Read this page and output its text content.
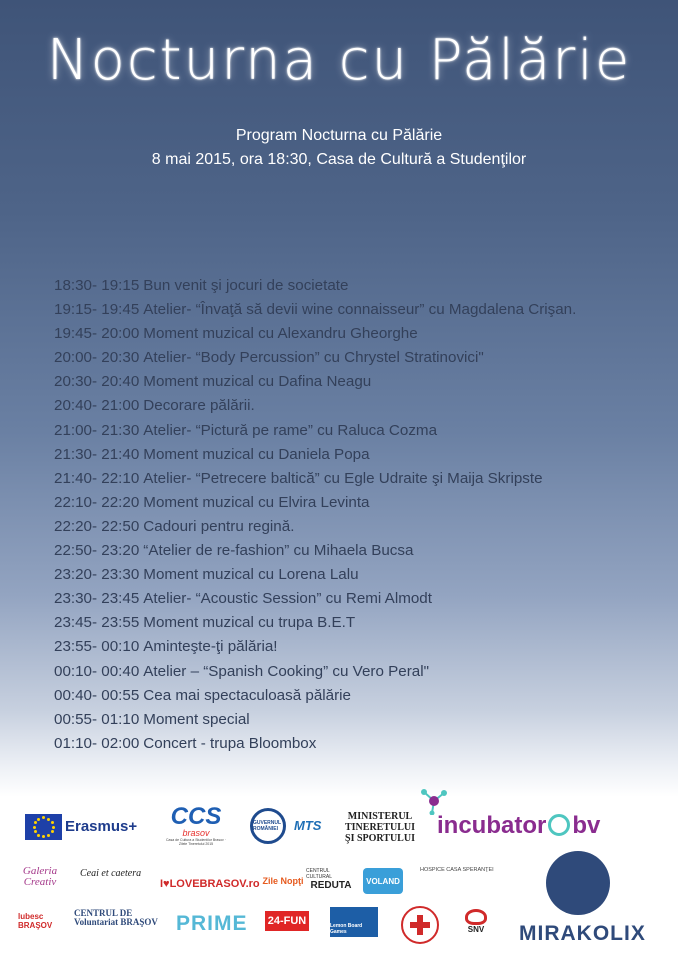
Nocturna cu Pălărie
Program Nocturna cu Pălărie
8 mai 2015, ora 18:30, Casa de Cultură a Studenţilor
18:30- 19:15 Bun venit şi jocuri de societate
19:15- 19:45 Atelier- “Învaţă să devii wine connaisseur” cu Magdalena Crişan.
19:45- 20:00 Moment muzical cu Alexandru Gheorghe
20:00- 20:30 Atelier- “Body Percussion” cu Chrystel Stratinovici"
20:30- 20:40 Moment muzical cu Dafina Neagu
20:40- 21:00 Decorare pălării.
21:00- 21:30 Atelier- “Pictură pe rame” cu Raluca Cozma
21:30- 21:40 Moment muzical cu Daniela Popa
21:40- 22:10 Atelier- “Petrecere baltică” cu Egle Udraite şi Maija Skripste
22:10- 22:20 Moment muzical cu Elvira Levinta
22:20- 22:50 Cadouri pentru regină.
22:50- 23:20 “Atelier de re-fashion” cu Mihaela Bucsa
23:20- 23:30 Moment muzical cu Lorena Lalu
23:30- 23:45 Atelier- “Acoustic Session” cu Remi Almodt
23:45- 23:55 Moment muzical cu trupa B.E.T
23:55- 00:10 Aminteşte-ţi pălăria!
00:10- 00:40 Atelier – “Spanish Cooking” cu Vero Peral"
00:40- 00:55 Cea mai spectaculoasă pălărie
00:55- 01:10 Moment special
01:10- 02:00 Concert - trupa Bloombox
Erasmus+ CCS
brasov
Casa de Cultura a Studentilor Brasov · Zilele Tineretului 2015
GUVERNUL ROMÂNIEI	MTS
MINISTERUL TINERETULUI ŞI SPORTULUI incubator bv
Galeria Creativ
Ceai et caetera
I♥LOVEBRASOV.ro Zile Nopţi
CENTRUL CULTURAL
REDUTA	VOLAND
HOSPICE CASA SPERANŢEI
MIRAKOLIX
lubesc BRAŞOV
CENTRUL DE Voluntariat BRAŞOV PRIME 24-FUN	Lemon Board Games	SNV
